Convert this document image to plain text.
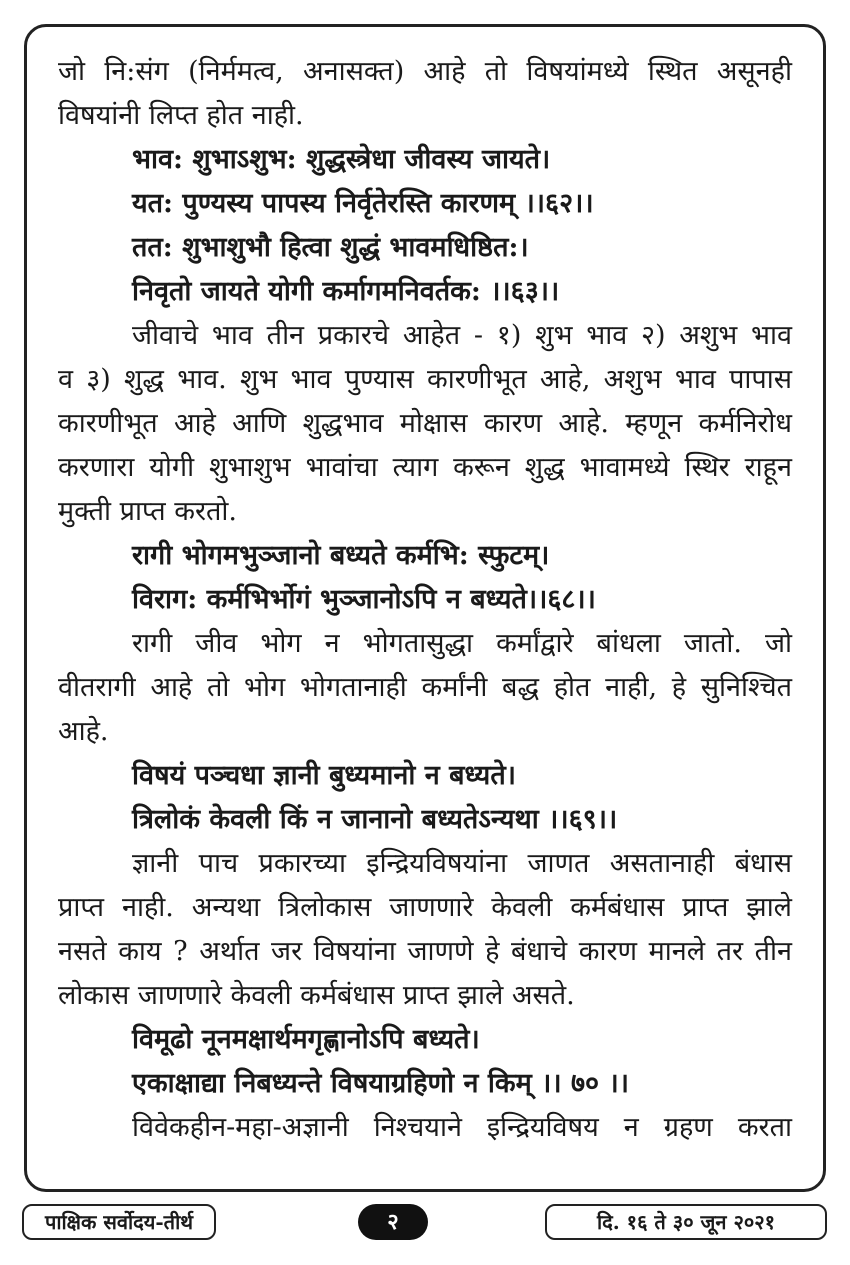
जो नि:संग (निर्ममत्व, अनासक्त) आहे तो विषयांमध्ये स्थित असूनही
विषयांनी लिप्त होत नाही.
भाव: शुभाऽशुभ: शुद्धस्त्रेधा जीवस्य जायते।
यत: पुण्यस्य पापस्य निर्वृतेरस्ति कारणम् ।।६२।।
तत: शुभाशुभौ हित्वा शुद्धं भावमधिष्ठित:।
निवृतो जायते योगी कर्मागमनिवर्तक: ।।६३।।
जीवाचे भाव तीन प्रकारचे आहेत - १) शुभ भाव २) अशुभ भाव
व ३) शुद्ध भाव. शुभ भाव पुण्यास कारणीभूत आहे, अशुभ भाव पापास
कारणीभूत आहे आणि शुद्धभाव मोक्षास कारण आहे. म्हणून कर्मनिरोध
करणारा योगी शुभाशुभ भावांचा त्याग करून शुद्ध भावामध्ये स्थिर राहून
मुक्ती प्राप्त करतो.
रागी भोगमभुञ्जानो बध्यते कर्मभि: स्फुटम्।
विराग: कर्मभिर्भोगं भुञ्जानोऽपि न बध्यते।।६८।।
रागी जीव भोग न भोगतासुद्धा कर्मांद्वारे बांधला जातो. जो
वीतरागी आहे तो भोग भोगतानाही कर्मांनी बद्ध होत नाही, हे सुनिश्चित
आहे.
विषयं पञ्चधा ज्ञानी बुध्यमानो न बध्यते।
त्रिलोकं केवली किं न जानानो बध्यतेऽन्यथा ।।६९।।
ज्ञानी पाच प्रकारच्या इन्द्रियविषयांना जाणत असतानाही बंधास
प्राप्त नाही. अन्यथा त्रिलोकास जाणणारे केवली कर्मबंधास प्राप्त झाले
नसते काय ? अर्थात जर विषयांना जाणणे हे बंधाचे कारण मानले तर तीन
लोकास जाणणारे केवली कर्मबंधास प्राप्त झाले असते.
विमूढो नूनमक्षार्थमगृह्णानोऽपि बध्यते।
एकाक्षाद्या निबध्यन्ते विषयाग्रहिणो न किम् ।। ७० ।।
विवेकहीन-महा-अज्ञानी निश्चयाने इन्द्रियविषय न ग्रहण करता
पाक्षिक सर्वोदय-तीर्थ	२	दि. १६ ते ३० जून २०२१
